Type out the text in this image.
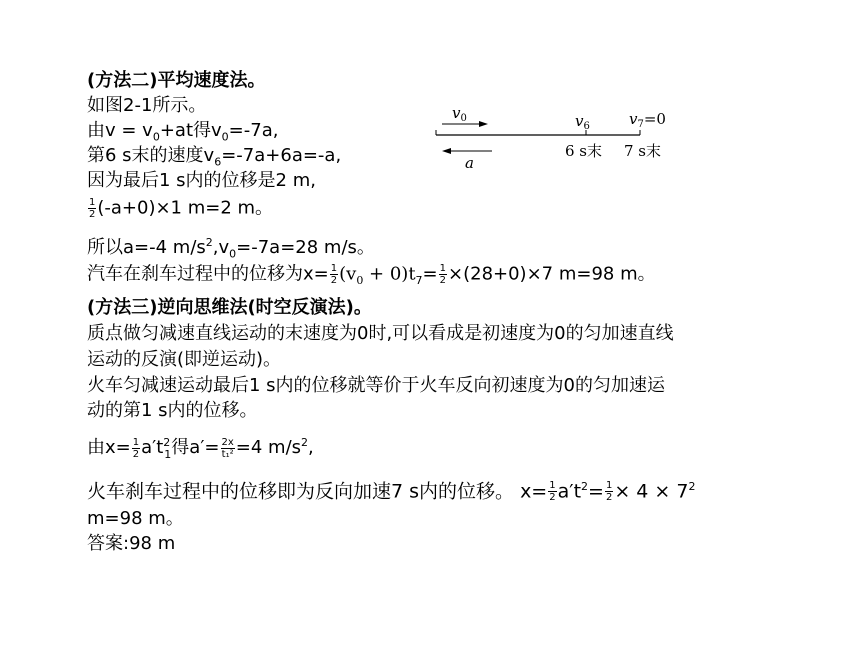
(方法二)平均速度法。
如图2-1所示。
由$v = v_0+at$得$v_0=-7a$,
第6 s末的速度$v_6=-7a+6a=-a$,
因为最后1 s内的位移是2 m,
$\frac{1}{2} (-a+0)\times 1$ m=2 m。
所以a=-4 $m/s^2,v_0=-7a=28$ m/s。
汽车在刹车过程中的位移为$x= \frac{1}{2} (v_0 + 0)t_7= \frac{1}{2} \times(28+0)\times 7$ m=98 m。
(方法三)逆向思维法(时空反演法)。
质点做匀减速直线运动的末速度为0时,可以看成是初速度为0的匀加速直线
运动的反演(即逆运动)。
火车匀减速运动最后1 s内的位移就等价于火车反向初速度为0的匀加速运
动的第1 s内的位移。
由$x= \frac{1}{2} a't^2_1$得$a'= \frac{2x}{\text{t₁²}} =4$ $m/s^2$,
火车刹车过程中的位移即为反向加速7 s内的位移。 $x= \frac{1}{2} a't^2= \frac{1}{2} \times 4 \times 7^2$
m=98 m。
答案:98 m
$v_0$	$v_6$	$v_7=0$
a
6 s末 7 s末
